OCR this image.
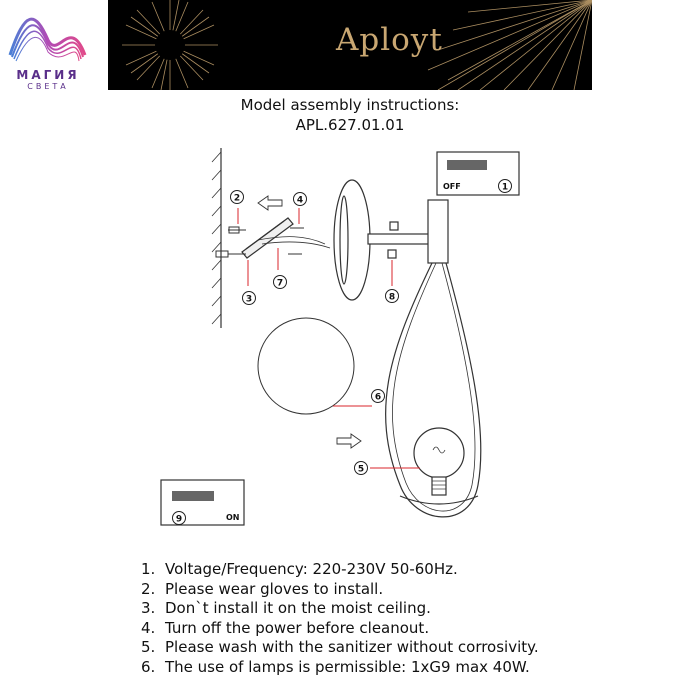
МАГИЯ
СВЕТА
Aployt
Model assembly instructions:
APL.627.01.01
1
2
3
4
5
6
7
8
9
OFF
ON
1. Voltage/Frequency: 220-230V 50-60Hz.
2. Please wear gloves to install.
3. Don`t install it on the moist ceiling.
4. Turn off the power before cleanout.
5. Please wash with the sanitizer without corrosivity.
6. The use of lamps is permissible: 1xG9 max 40W.
